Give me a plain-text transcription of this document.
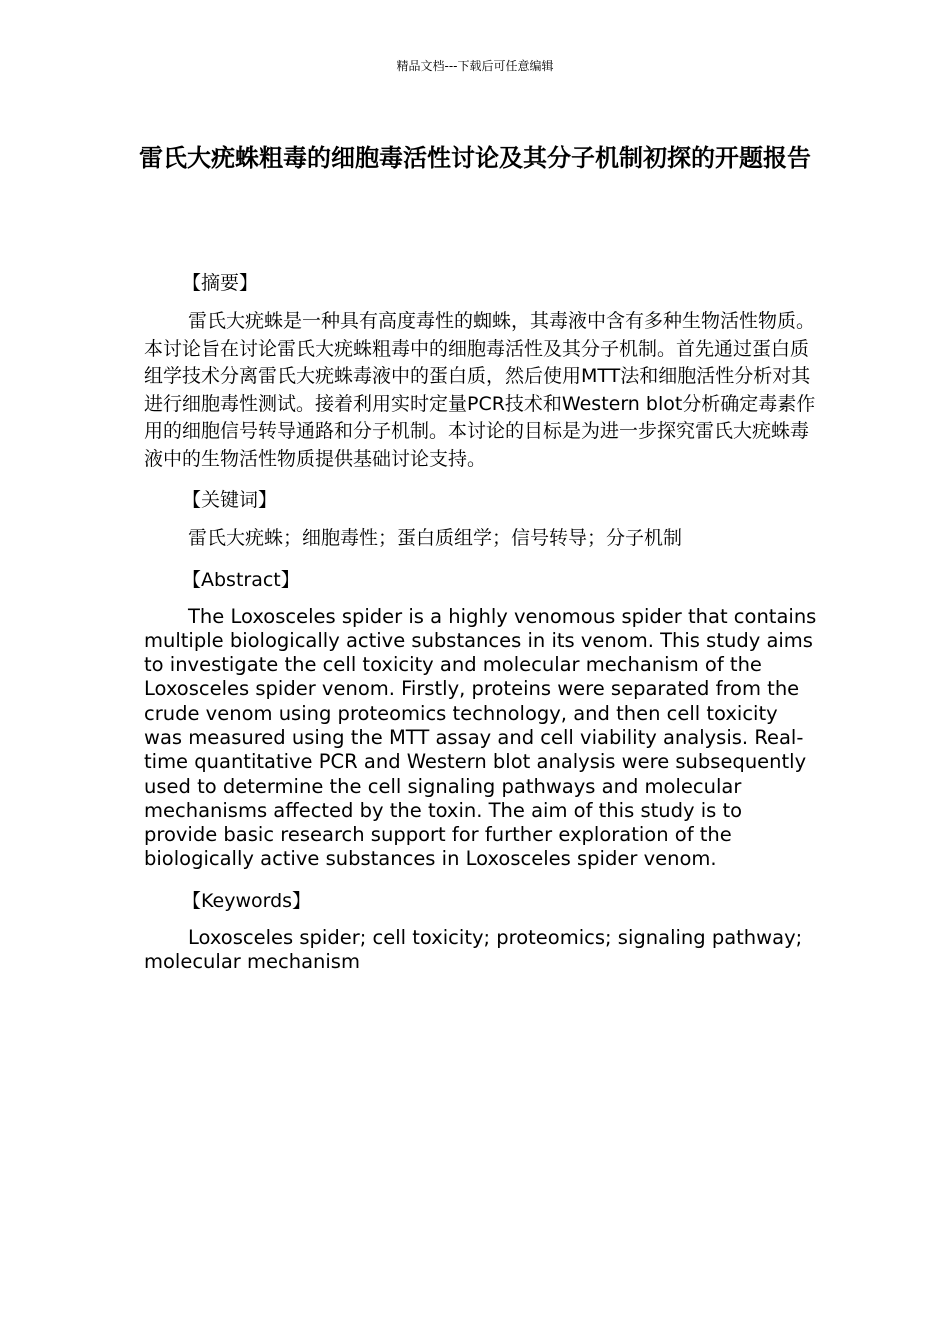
精品文档---下载后可任意编辑
雷氏大疣蛛粗毒的细胞毒活性讨论及其分子机制初探的开题报告
【摘要】

雷氏大疣蛛是一种具有高度毒性的蜘蛛，其毒液中含有多种生物活性物质。本讨论旨在讨论雷氏大疣蛛粗毒中的细胞毒活性及其分子机制。首先通过蛋白质组学技术分离雷氏大疣蛛毒液中的蛋白质，然后使用MTT法和细胞活性分析对其进行细胞毒性测试。接着利用实时定量PCR技术和Western blot分析确定毒素作用的细胞信号转导通路和分子机制。本讨论的目标是为进一步探究雷氏大疣蛛毒液中的生物活性物质提供基础讨论支持。

【关键词】

雷氏大疣蛛；细胞毒性；蛋白质组学；信号转导；分子机制

【Abstract】

The Loxosceles spider is a highly venomous spider that contains multiple biologically active substances in its venom. This study aims to investigate the cell toxicity and molecular mechanism of the Loxosceles spider venom. Firstly, proteins were separated from the crude venom using proteomics technology, and then cell toxicity was measured using the MTT assay and cell viability analysis. Real-time quantitative PCR and Western blot analysis were subsequently used to determine the cell signaling pathways and molecular mechanisms affected by the toxin. The aim of this study is to provide basic research support for further exploration of the biologically active substances in Loxosceles spider venom.

【Keywords】

Loxosceles spider; cell toxicity; proteomics; signaling pathway; molecular mechanism
